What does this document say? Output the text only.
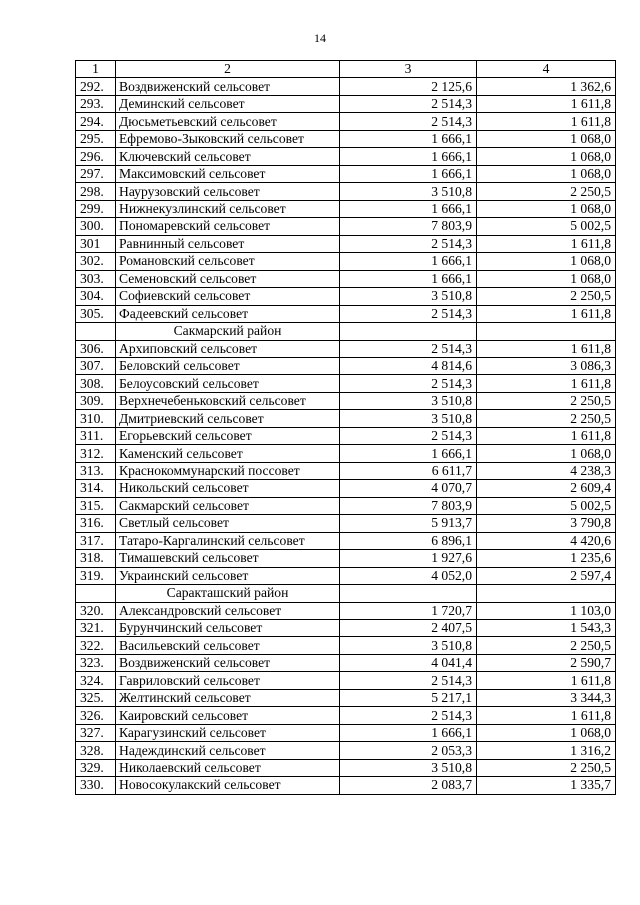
14
1	2	3	4
292.	Воздвиженский сельсовет	2 125,6	1 362,6
293.	Деминский сельсовет	2 514,3	1 611,8
294.	Дюсьметьевский сельсовет	2 514,3	1 611,8
295.	Ефремово-Зыковский сельсовет	1 666,1	1 068,0
296.	Ключевский сельсовет	1 666,1	1 068,0
297.	Максимовский сельсовет	1 666,1	1 068,0
298.	Наурузовский сельсовет	3 510,8	2 250,5
299.	Нижнекузлинский сельсовет	1 666,1	1 068,0
300.	Пономаревский сельсовет	7 803,9	5 002,5
301	Равнинный сельсовет	2 514,3	1 611,8
302.	Романовский сельсовет	1 666,1	1 068,0
303.	Семеновский сельсовет	1 666,1	1 068,0
304.	Софиевский сельсовет	3 510,8	2 250,5
305.	Фадеевский сельсовет	2 514,3	1 611,8
	Сакмарский район		
306.	Архиповский сельсовет	2 514,3	1 611,8
307.	Беловский сельсовет	4 814,6	3 086,3
308.	Белоусовский сельсовет	2 514,3	1 611,8
309.	Верхнечебеньковский сельсовет	3 510,8	2 250,5
310.	Дмитриевский сельсовет	3 510,8	2 250,5
311.	Егорьевский сельсовет	2 514,3	1 611,8
312.	Каменский сельсовет	1 666,1	1 068,0
313.	Краснокоммунарский поссовет	6 611,7	4 238,3
314.	Никольский сельсовет	4 070,7	2 609,4
315.	Сакмарский сельсовет	7 803,9	5 002,5
316.	Светлый сельсовет	5 913,7	3 790,8
317.	Татаро-Каргалинский сельсовет	6 896,1	4 420,6
318.	Тимашевский сельсовет	1 927,6	1 235,6
319.	Украинский сельсовет	4 052,0	2 597,4
	Саракташский район		
320.	Александровский сельсовет	1 720,7	1 103,0
321.	Бурунчинский сельсовет	2 407,5	1 543,3
322.	Васильевский сельсовет	3 510,8	2 250,5
323.	Воздвиженский сельсовет	4 041,4	2 590,7
324.	Гавриловский сельсовет	2 514,3	1 611,8
325.	Желтинский сельсовет	5 217,1	3 344,3
326.	Каировский сельсовет	2 514,3	1 611,8
327.	Карагузинский сельсовет	1 666,1	1 068,0
328.	Надеждинский сельсовет	2 053,3	1 316,2
329.	Николаевский сельсовет	3 510,8	2 250,5
330.	Новосокулакский сельсовет	2 083,7	1 335,7
